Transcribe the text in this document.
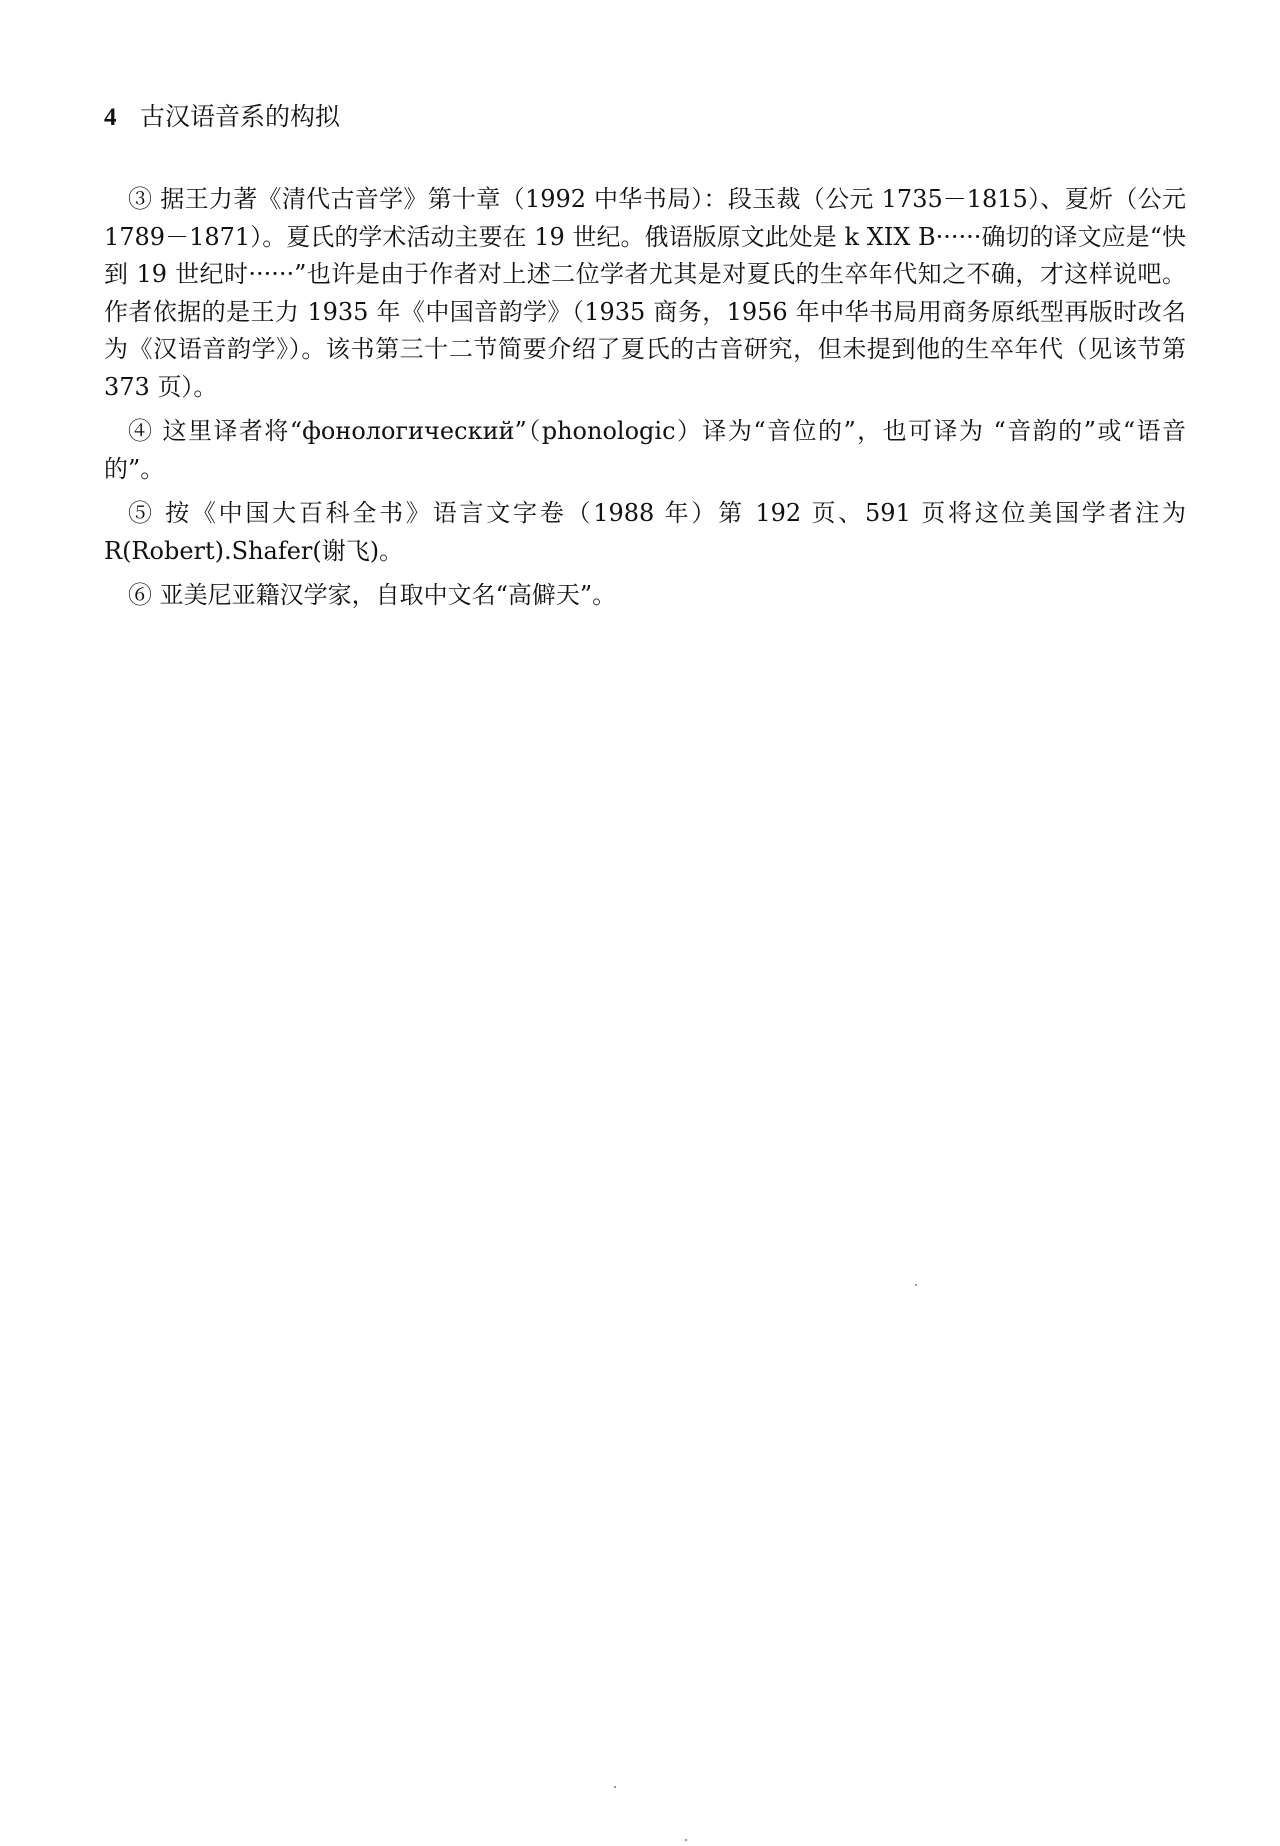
4 古汉语音系的构拟

③ 据王力著《清代古音学》第十章（1992 中华书局）：段玉裁（公元 1735－1815）、夏炘（公元 1789－1871）。夏氏的学术活动主要在 19 世纪。俄语版原文此处是 k XIX B······确切的译文应是“快到 19 世纪时······”也许是由于作者对上述二位学者尤其是对夏氏的生卒年代知之不确，才这样说吧。作者依据的是王力 1935 年《中国音韵学》（1935 商务，1956 年中华书局用商务原纸型再版时改名为《汉语音韵学》）。该书第三十二节简要介绍了夏氏的古音研究，但未提到他的生卒年代（见该节第 373 页）。

④ 这里译者将“фонологический”（phonologic）译为“音位的”，也可译为 “音韵的”或“语音的”。

⑤ 按《中国大百科全书》语言文字卷（1988 年）第 192 页、591 页将这位美国学者注为 R(Robert).Shafer(谢飞)。

⑥ 亚美尼亚籍汉学家，自取中文名“高僻天”。
